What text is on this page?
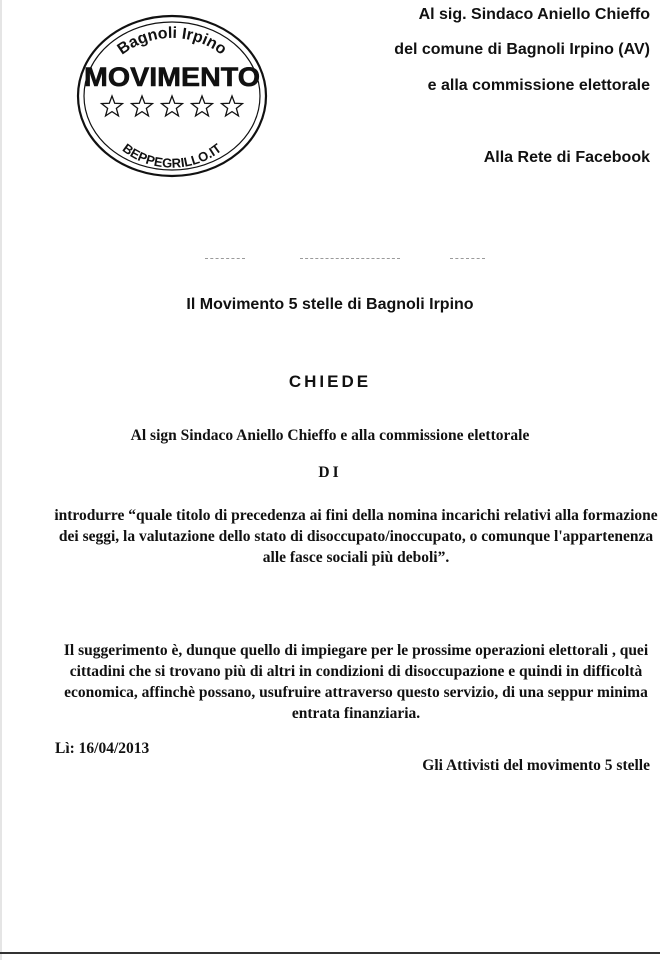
Bagnoli Irpino
MOVIMENTO
BEPPEGRILLO.IT
Al sig. Sindaco Aniello Chieffo
del comune di Bagnoli Irpino (AV)
e alla commissione elettorale
Alla Rete di Facebook
Il Movimento 5 stelle di Bagnoli Irpino
CHIEDE
Al sign Sindaco Aniello Chieffo e alla commissione elettorale
DI
introdurre “quale titolo di precedenza ai fini della nomina incarichi relativi alla formazione dei seggi, la valutazione dello stato di disoccupato/inoccupato, o comunque l'appartenenza alle fasce sociali più deboli”.
Il suggerimento è, dunque quello di impiegare per le prossime operazioni elettorali , quei cittadini che si trovano più di altri in condizioni di disoccupazione e quindi in difficoltà economica, affinchè possano, usufruire attraverso questo servizio, di una seppur minima entrata finanziaria.
Lì: 16/04/2013
Gli Attivisti del movimento 5 stelle
